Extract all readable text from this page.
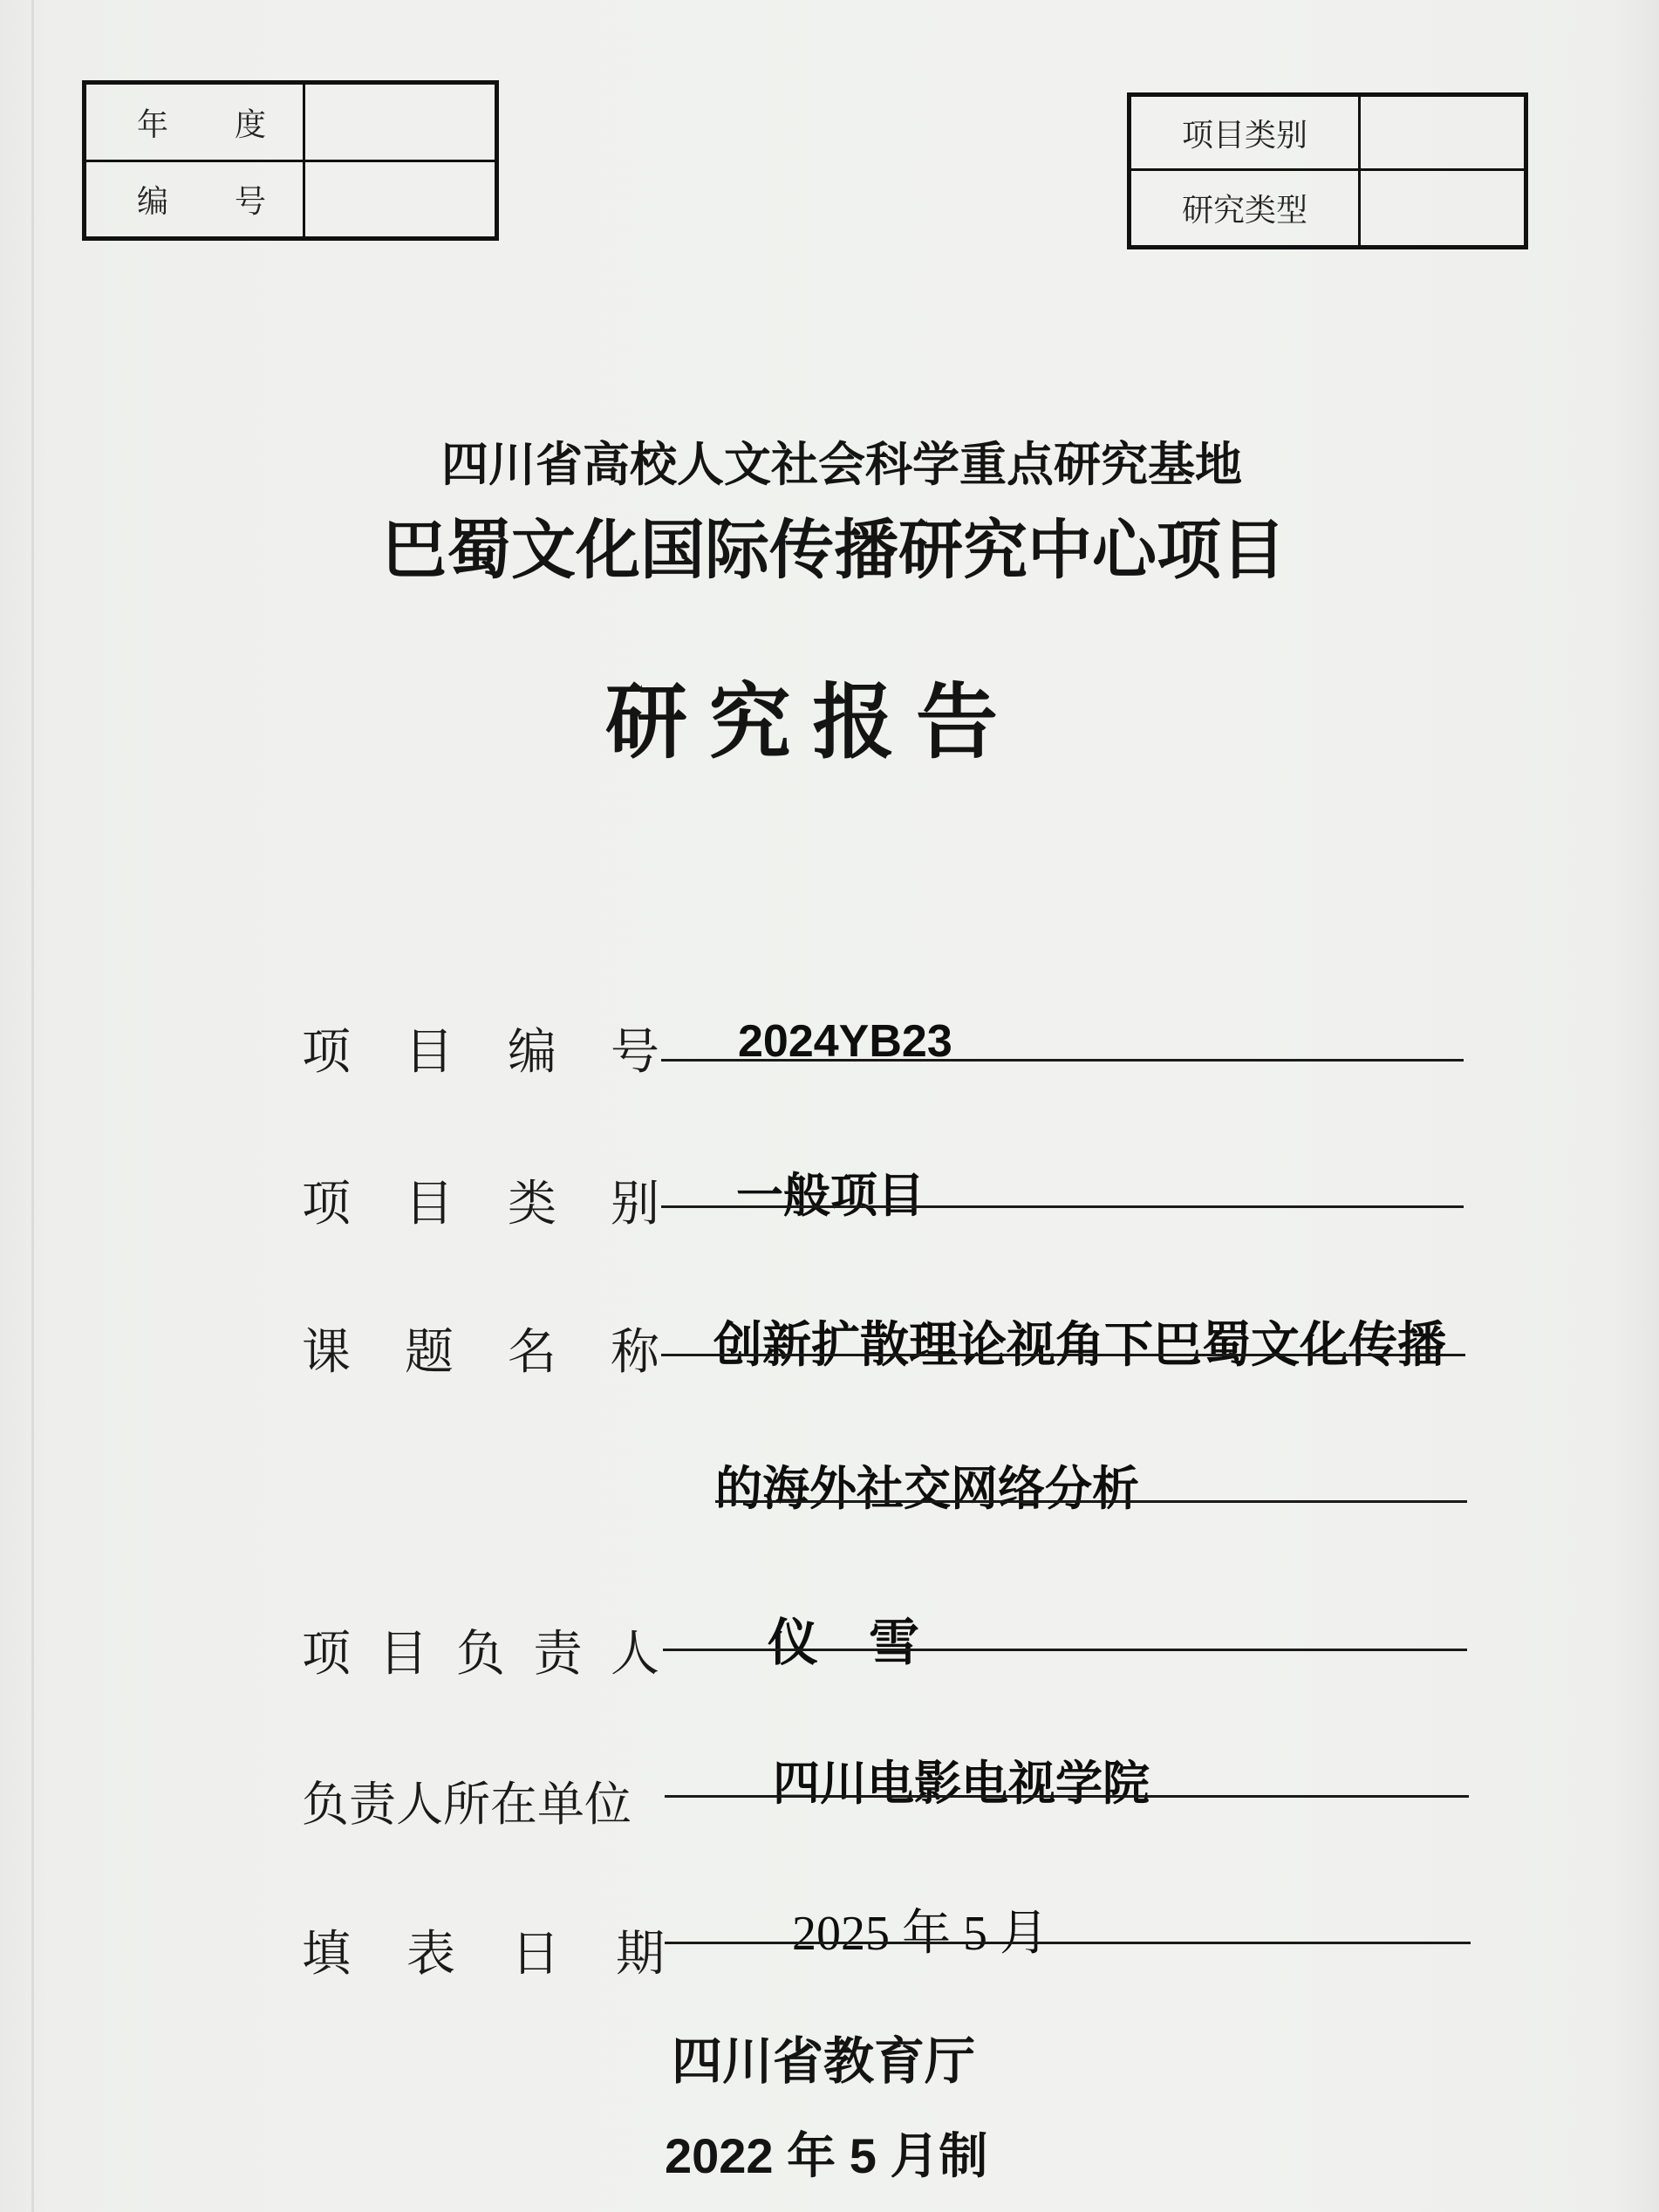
年 度	

编 号	

项目类别	
研究类型	
四川省高校人文社会科学重点研究基地
巴蜀文化国际传播研究中心项目
研 究 报 告
项 目 编 号 2024YB23
项 目 类 别 一般项目
课 题 名 称 创新扩散理论视角下巴蜀文化传播
的海外社交网络分析
项 目 负 责 人 仪　雪
负责人所在单位	四川电影电视学院
填 表 日 期	2025 年 5 月
四川省教育厅
2022 年 5 月制
